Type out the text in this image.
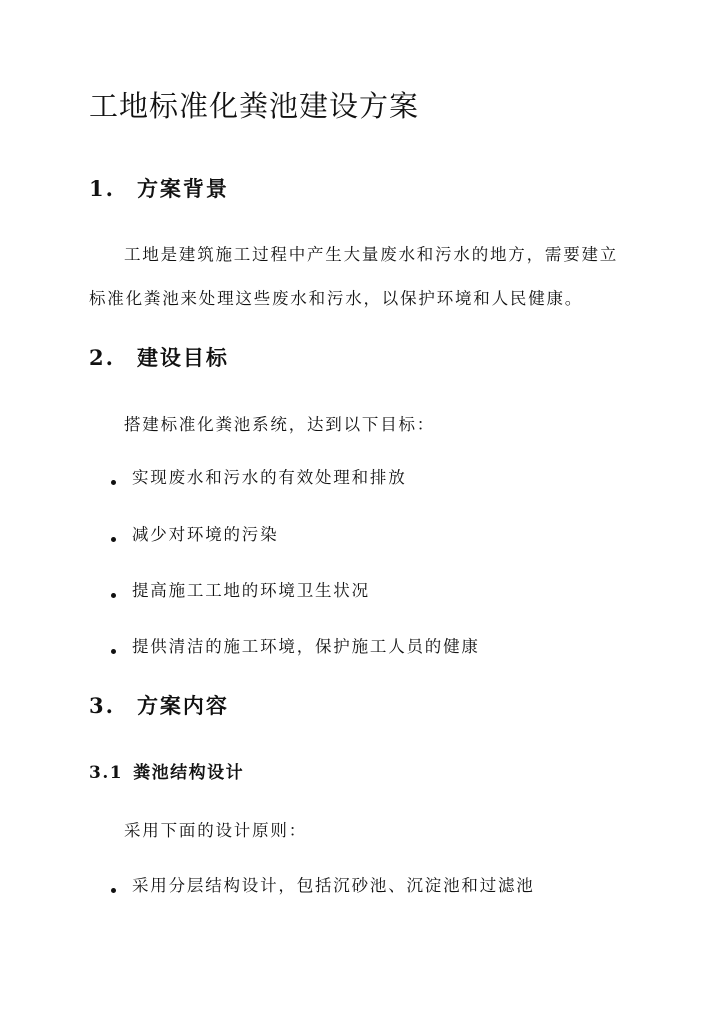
工地标准化粪池建设方案
1. 方案背景
工地是建筑施工过程中产生大量废水和污水的地方，需要建立
标准化粪池来处理这些废水和污水，以保护环境和人民健康。
2. 建设目标
搭建标准化粪池系统，达到以下目标：
实现废水和污水的有效处理和排放
减少对环境的污染
提高施工工地的环境卫生状况
提供清洁的施工环境，保护施工人员的健康
3. 方案内容
3.1 粪池结构设计
采用下面的设计原则：
采用分层结构设计，包括沉砂池、沉淀池和过滤池
